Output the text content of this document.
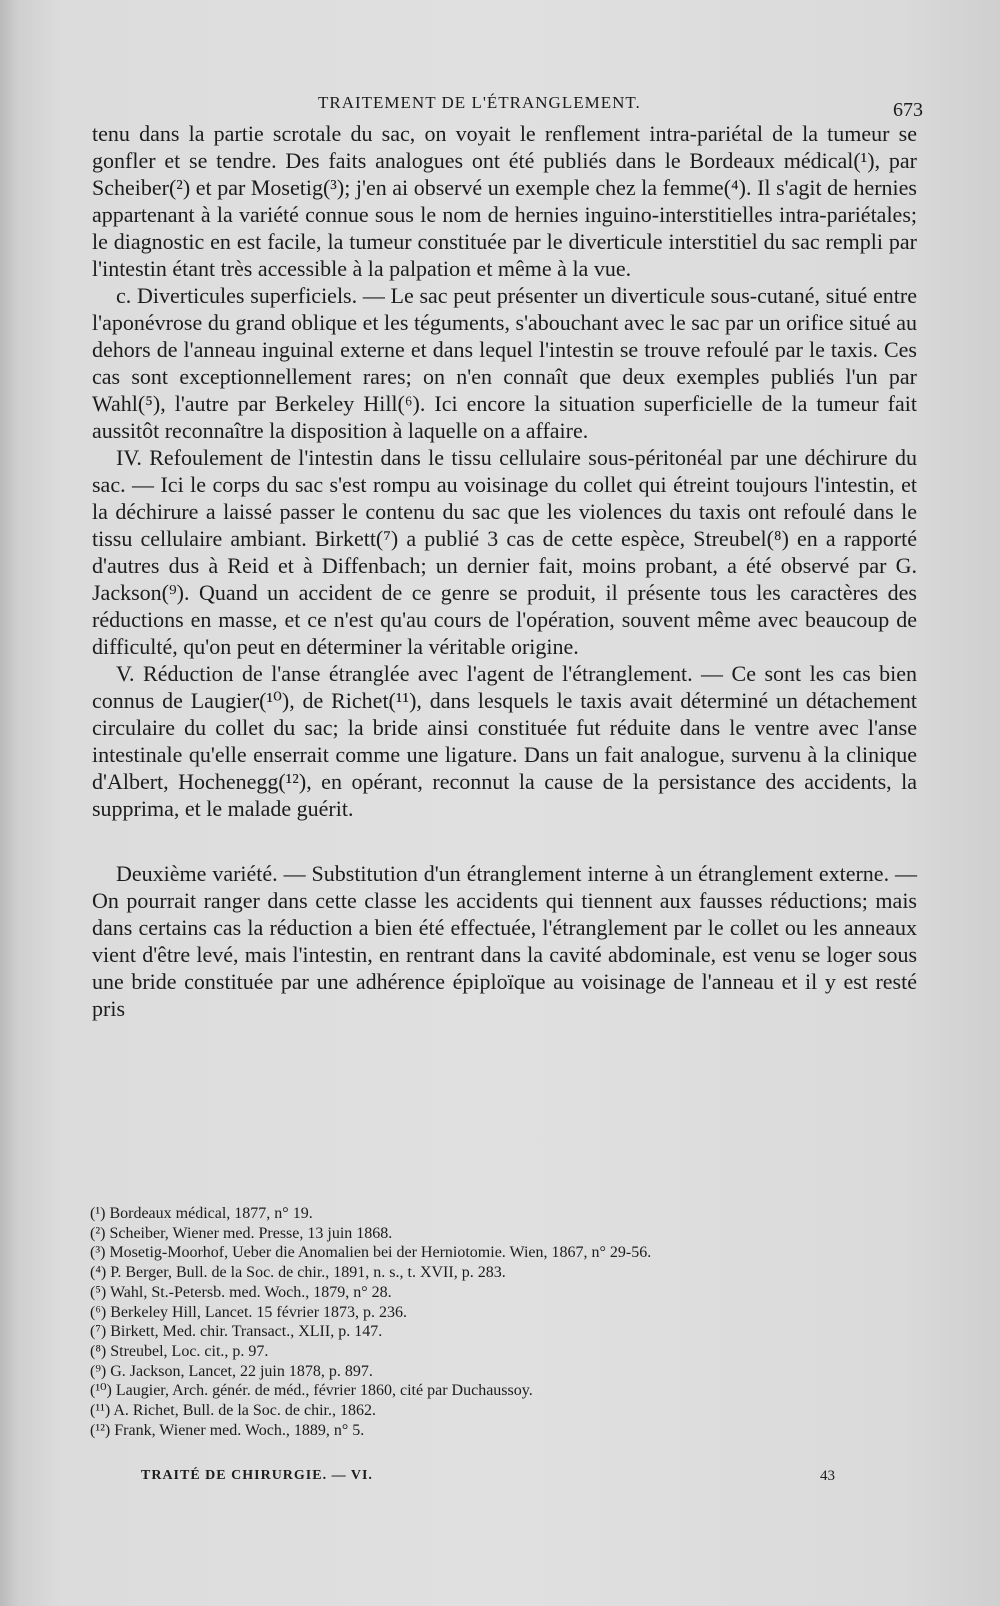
TRAITEMENT DE L'ÉTRANGLEMENT.	673

tenu dans la partie scrotale du sac, on voyait le renflement intra-pariétal de la tumeur se gonfler et se tendre. Des faits analogues ont été publiés dans le Bordeaux médical(¹), par Scheiber(²) et par Mosetig(³); j'en ai observé un exemple chez la femme(⁴). Il s'agit de hernies appartenant à la variété connue sous le nom de hernies inguino-interstitielles intra-pariétales; le diagnostic en est facile, la tumeur constituée par le diverticule interstitiel du sac rempli par l'intestin étant très accessible à la palpation et même à la vue.

c. Diverticules superficiels. — Le sac peut présenter un diverticule sous-cutané, situé entre l'aponévrose du grand oblique et les téguments, s'abouchant avec le sac par un orifice situé au dehors de l'anneau inguinal externe et dans lequel l'intestin se trouve refoulé par le taxis. Ces cas sont exceptionnellement rares; on n'en connaît que deux exemples publiés l'un par Wahl(⁵), l'autre par Berkeley Hill(⁶). Ici encore la situation superficielle de la tumeur fait aussitôt reconnaître la disposition à laquelle on a affaire.

IV. Refoulement de l'intestin dans le tissu cellulaire sous-péritonéal par une déchirure du sac. — Ici le corps du sac s'est rompu au voisinage du collet qui étreint toujours l'intestin, et la déchirure a laissé passer le contenu du sac que les violences du taxis ont refoulé dans le tissu cellulaire ambiant. Birkett(⁷) a publié 3 cas de cette espèce, Streubel(⁸) en a rapporté d'autres dus à Reid et à Diffenbach; un dernier fait, moins probant, a été observé par G. Jackson(⁹). Quand un accident de ce genre se produit, il présente tous les caractères des réductions en masse, et ce n'est qu'au cours de l'opération, souvent même avec beaucoup de difficulté, qu'on peut en déterminer la véritable origine.

V. Réduction de l'anse étranglée avec l'agent de l'étranglement. — Ce sont les cas bien connus de Laugier(¹⁰), de Richet(¹¹), dans lesquels le taxis avait déterminé un détachement circulaire du collet du sac; la bride ainsi constituée fut réduite dans le ventre avec l'anse intestinale qu'elle enserrait comme une ligature. Dans un fait analogue, survenu à la clinique d'Albert, Hochenegg(¹²), en opérant, reconnut la cause de la persistance des accidents, la supprima, et le malade guérit.

Deuxième variété. — Substitution d'un étranglement interne à un étranglement externe. — On pourrait ranger dans cette classe les accidents qui tiennent aux fausses réductions; mais dans certains cas la réduction a bien été effectuée, l'étranglement par le collet ou les anneaux vient d'être levé, mais l'intestin, en rentrant dans la cavité abdominale, est venu se loger sous une bride constituée par une adhérence épiploïque au voisinage de l'anneau et il y est resté pris

(¹) Bordeaux médical, 1877, n° 19.
(²) Scheiber, Wiener med. Presse, 13 juin 1868.
(³) Mosetig-Moorhof, Ueber die Anomalien bei der Herniotomie. Wien, 1867, n° 29-56.
(⁴) P. Berger, Bull. de la Soc. de chir., 1891, n. s., t. XVII, p. 283.
(⁵) Wahl, St.-Petersb. med. Woch., 1879, n° 28.
(⁶) Berkeley Hill, Lancet. 15 février 1873, p. 236.
(⁷) Birkett, Med. chir. Transact., XLII, p. 147.
(⁸) Streubel, Loc. cit., p. 97.
(⁹) G. Jackson, Lancet, 22 juin 1878, p. 897.
(¹⁰) Laugier, Arch. génér. de méd., février 1860, cité par Duchaussoy.
(¹¹) A. Richet, Bull. de la Soc. de chir., 1862.
(¹²) Frank, Wiener med. Woch., 1889, n° 5.
TRAITÉ DE CHIRURGIE. — VI.	43
